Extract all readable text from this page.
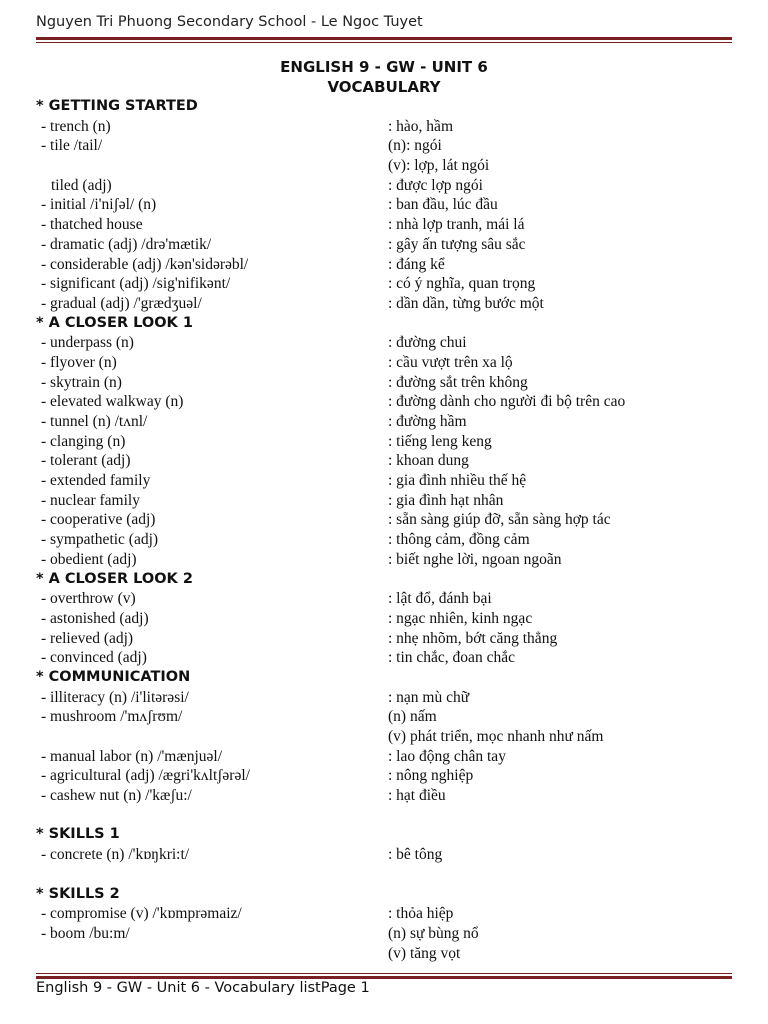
Nguyen Tri Phuong Secondary School - Le Ngoc Tuyet
ENGLISH 9 - GW - UNIT 6
VOCABULARY
* GETTING STARTED
- trench (n)	: hào, hầm
- tile /tail/	(n): ngói
(v): lợp, lát ngói
tiled (adj)	: được lợp ngói
- initial /i'niʃəl/ (n)	: ban đầu, lúc đầu
- thatched house	: nhà lợp tranh, mái lá
- dramatic (adj) /drə'mætik/	: gây ấn tượng sâu sắc
- considerable (adj) /kən'sidərəbl/	: đáng kể
- significant (adj) /sig'nifikənt/	: có ý nghĩa, quan trọng
- gradual (adj) /'grædʒuəl/	: dần dần, từng bước một
* A CLOSER LOOK 1
- underpass (n)	: đường chui
- flyover (n)	: cầu vượt trên xa lộ
- skytrain (n)	: đường sắt trên không
- elevated walkway (n)	: đường dành cho người đi bộ trên cao
- tunnel (n) /tʌnl/	: đường hầm
- clanging (n)	: tiếng leng keng
- tolerant (adj)	: khoan dung
- extended family	: gia đình nhiều thế hệ
- nuclear family	: gia đình hạt nhân
- cooperative (adj)	: sẵn sàng giúp đỡ, sẵn sàng hợp tác
- sympathetic (adj)	: thông cảm, đồng cảm
- obedient (adj)	: biết nghe lời, ngoan ngoãn
* A CLOSER LOOK 2
- overthrow (v)	: lật đổ, đánh bại
- astonished (adj)	: ngạc nhiên, kinh ngạc
- relieved (adj)	: nhẹ nhõm, bớt căng thẳng
- convinced (adj)	: tin chắc, đoan chắc
* COMMUNICATION
- illiteracy (n) /i'litərəsi/	: nạn mù chữ
- mushroom /'mʌʃrʊm/	(n) nấm
(v) phát triển, mọc nhanh như nấm
- manual labor (n) /'mænjuəl/	: lao động chân tay
- agricultural (adj) /ægri'kʌltʃərəl/	: nông nghiệp
- cashew nut (n) /'kæʃu:/	: hạt điều
* SKILLS 1
- concrete (n) /'kɒŋkri:t/	: bê tông
* SKILLS 2
- compromise (v) /'kɒmprəmaiz/	: thỏa hiệp
- boom /bu:m/	(n) sự bùng nổ
(v) tăng vọt
English 9 - GW - Unit 6 - Vocabulary listPage 1
